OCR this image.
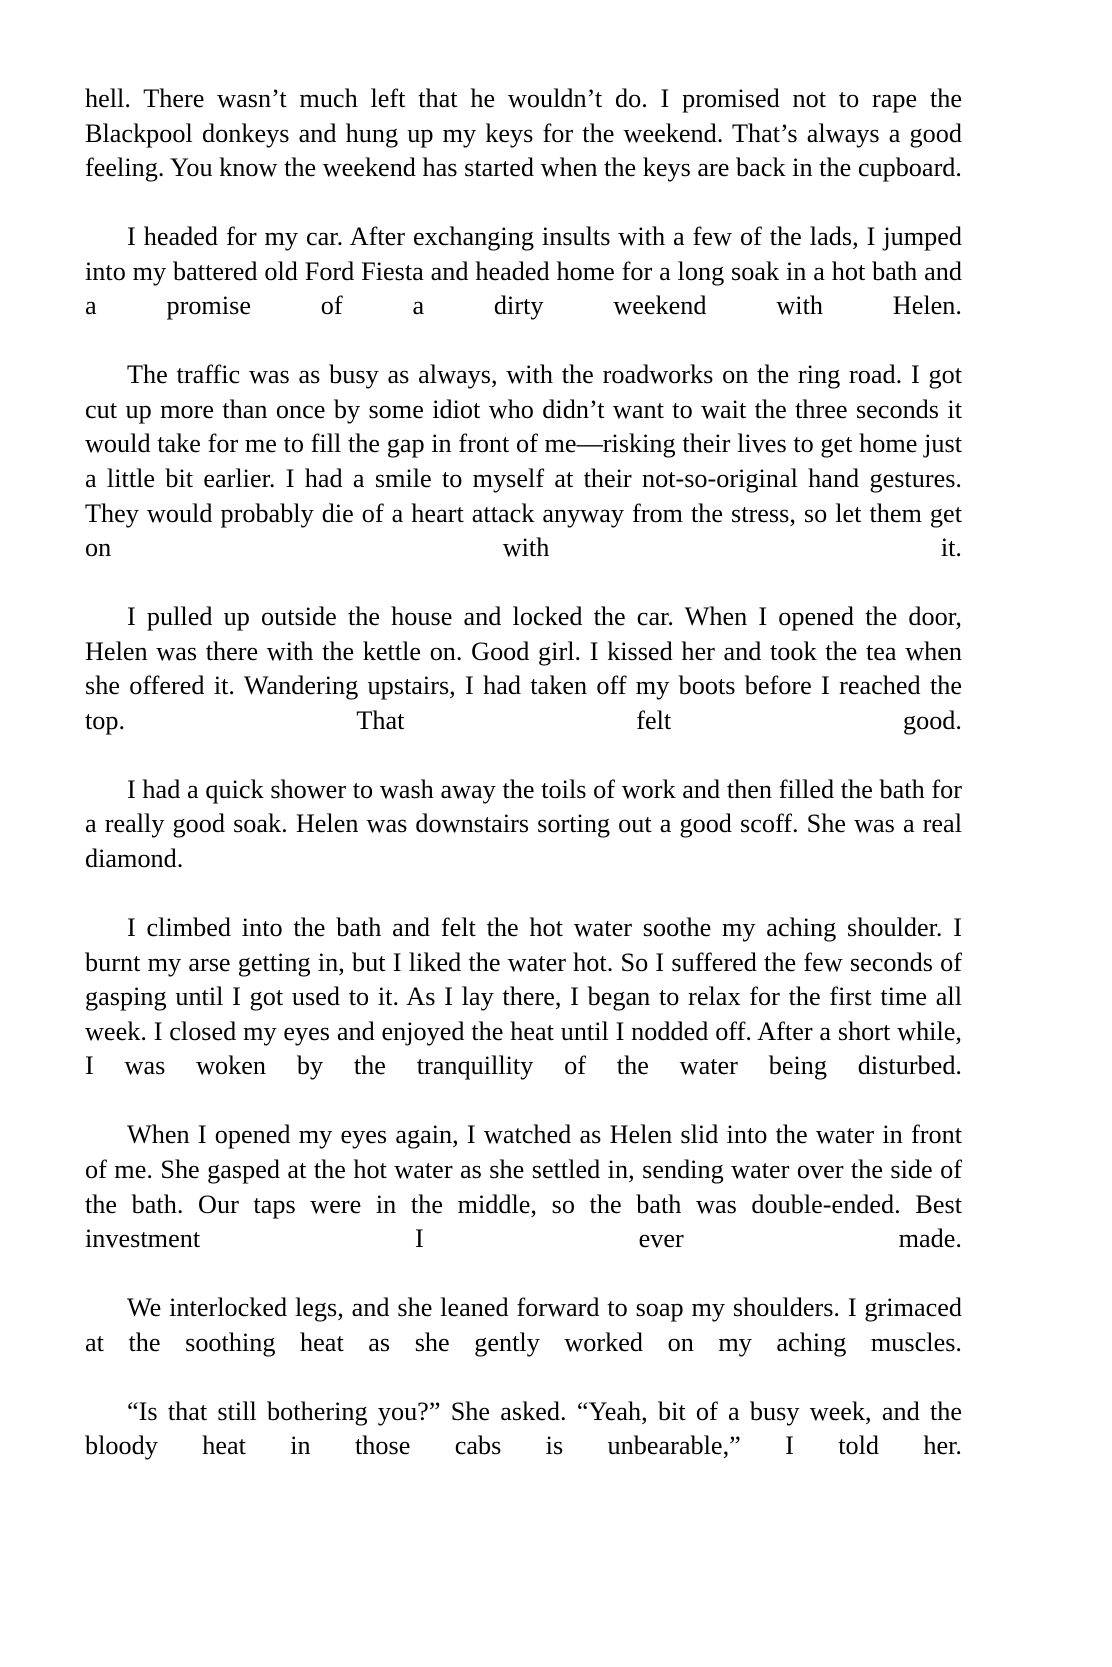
hell. There wasn’t much left that he wouldn’t do. I promised not to rape the Blackpool donkeys and hung up my keys for the weekend. That’s always a good feeling. You know the weekend has started when the keys are back in the cupboard.

I headed for my car. After exchanging insults with a few of the lads, I jumped into my battered old Ford Fiesta and headed home for a long soak in a hot bath and a promise of a dirty weekend with Helen.

The traffic was as busy as always, with the roadworks on the ring road. I got cut up more than once by some idiot who didn’t want to wait the three seconds it would take for me to fill the gap in front of me—risking their lives to get home just a little bit earlier. I had a smile to myself at their not-so-original hand gestures. They would probably die of a heart attack anyway from the stress, so let them get on with it.

I pulled up outside the house and locked the car. When I opened the door, Helen was there with the kettle on. Good girl. I kissed her and took the tea when she offered it. Wandering upstairs, I had taken off my boots before I reached the top. That felt good.

I had a quick shower to wash away the toils of work and then filled the bath for a really good soak. Helen was downstairs sorting out a good scoff. She was a real diamond.

I climbed into the bath and felt the hot water soothe my aching shoulder. I burnt my arse getting in, but I liked the water hot. So I suffered the few seconds of gasping until I got used to it. As I lay there, I began to relax for the first time all week. I closed my eyes and enjoyed the heat until I nodded off. After a short while, I was woken by the tranquillity of the water being disturbed.

When I opened my eyes again, I watched as Helen slid into the water in front of me. She gasped at the hot water as she settled in, sending water over the side of the bath. Our taps were in the middle, so the bath was double-ended. Best investment I ever made.

We interlocked legs, and she leaned forward to soap my shoulders. I grimaced at the soothing heat as she gently worked on my aching muscles.

“Is that still bothering you?” She asked. “Yeah, bit of a busy week, and the bloody heat in those cabs is unbearable,” I told her.
